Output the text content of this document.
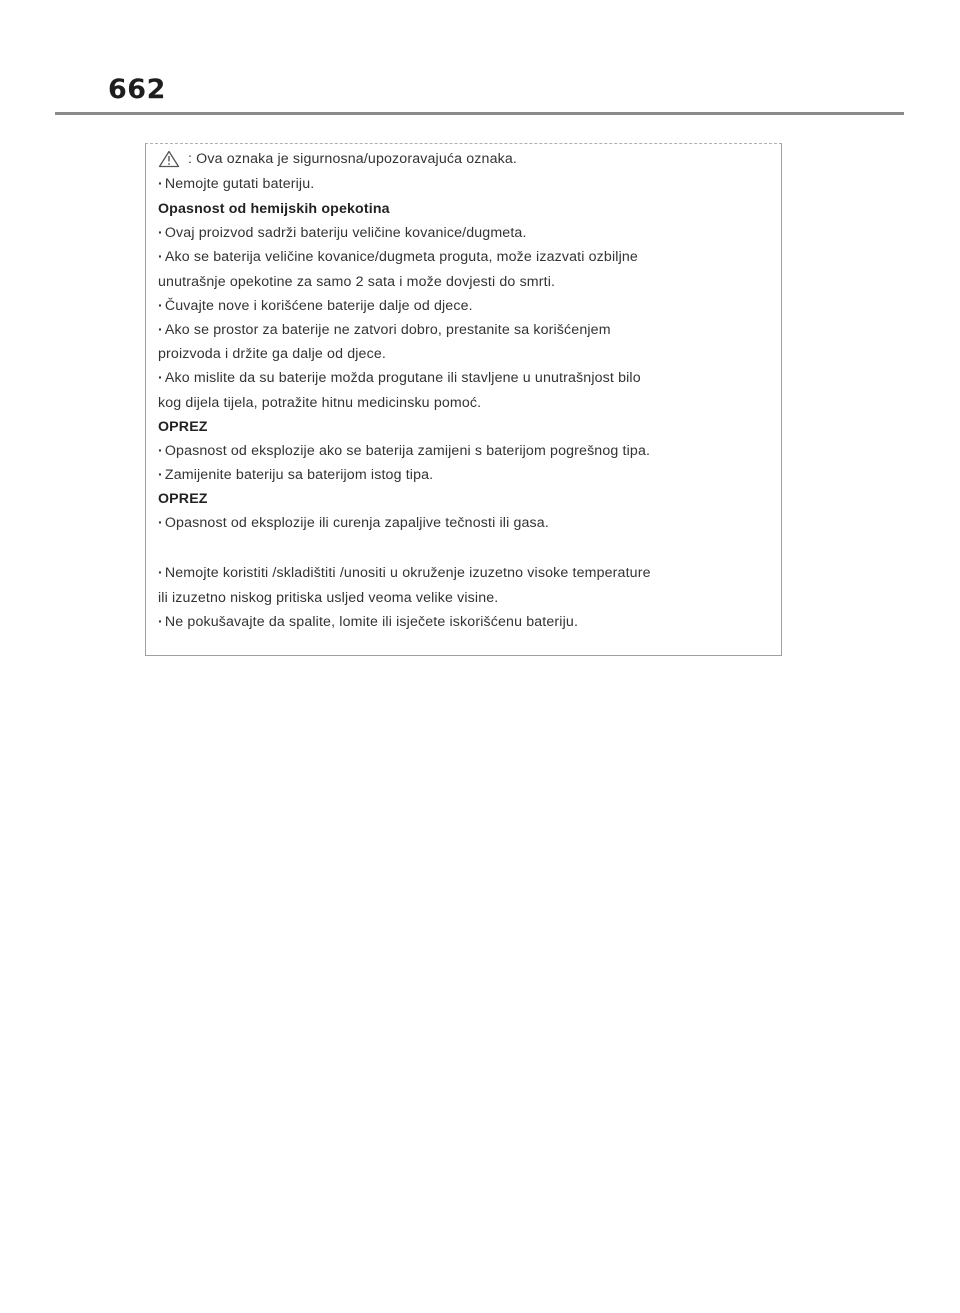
662
: Ova oznaka je sigurnosna/upozoravajuća oznaka.
· Nemojte gutati bateriju.
Opasnost od hemijskih opekotina
· Ovaj proizvod sadrži bateriju veličine kovanice/dugmeta.
· Ako se baterija veličine kovanice/dugmeta proguta, može izazvati ozbiljne
unutrašnje opekotine za samo 2 sata i može dovjesti do smrti.
· Čuvajte nove i korišćene baterije dalje od djece.
· Ako se prostor za baterije ne zatvori dobro, prestanite sa korišćenjem
proizvoda i držite ga dalje od djece.
· Ako mislite da su baterije možda progutane ili stavljene u unutrašnjost bilo
kog dijela tijela, potražite hitnu medicinsku pomoć.
OPREZ
· Opasnost od eksplozije ako se baterija zamijeni s baterijom pogrešnog tipa.
· Zamijenite bateriju sa baterijom istog tipa.
OPREZ
· Opasnost od eksplozije ili curenja zapaljive tečnosti ili gasa.
· Nemojte koristiti /skladištiti /unositi u okruženje izuzetno visoke temperature
ili izuzetno niskog pritiska usljed veoma velike visine.
· Ne pokušavajte da spalite, lomite ili isječete iskorišćenu bateriju.
